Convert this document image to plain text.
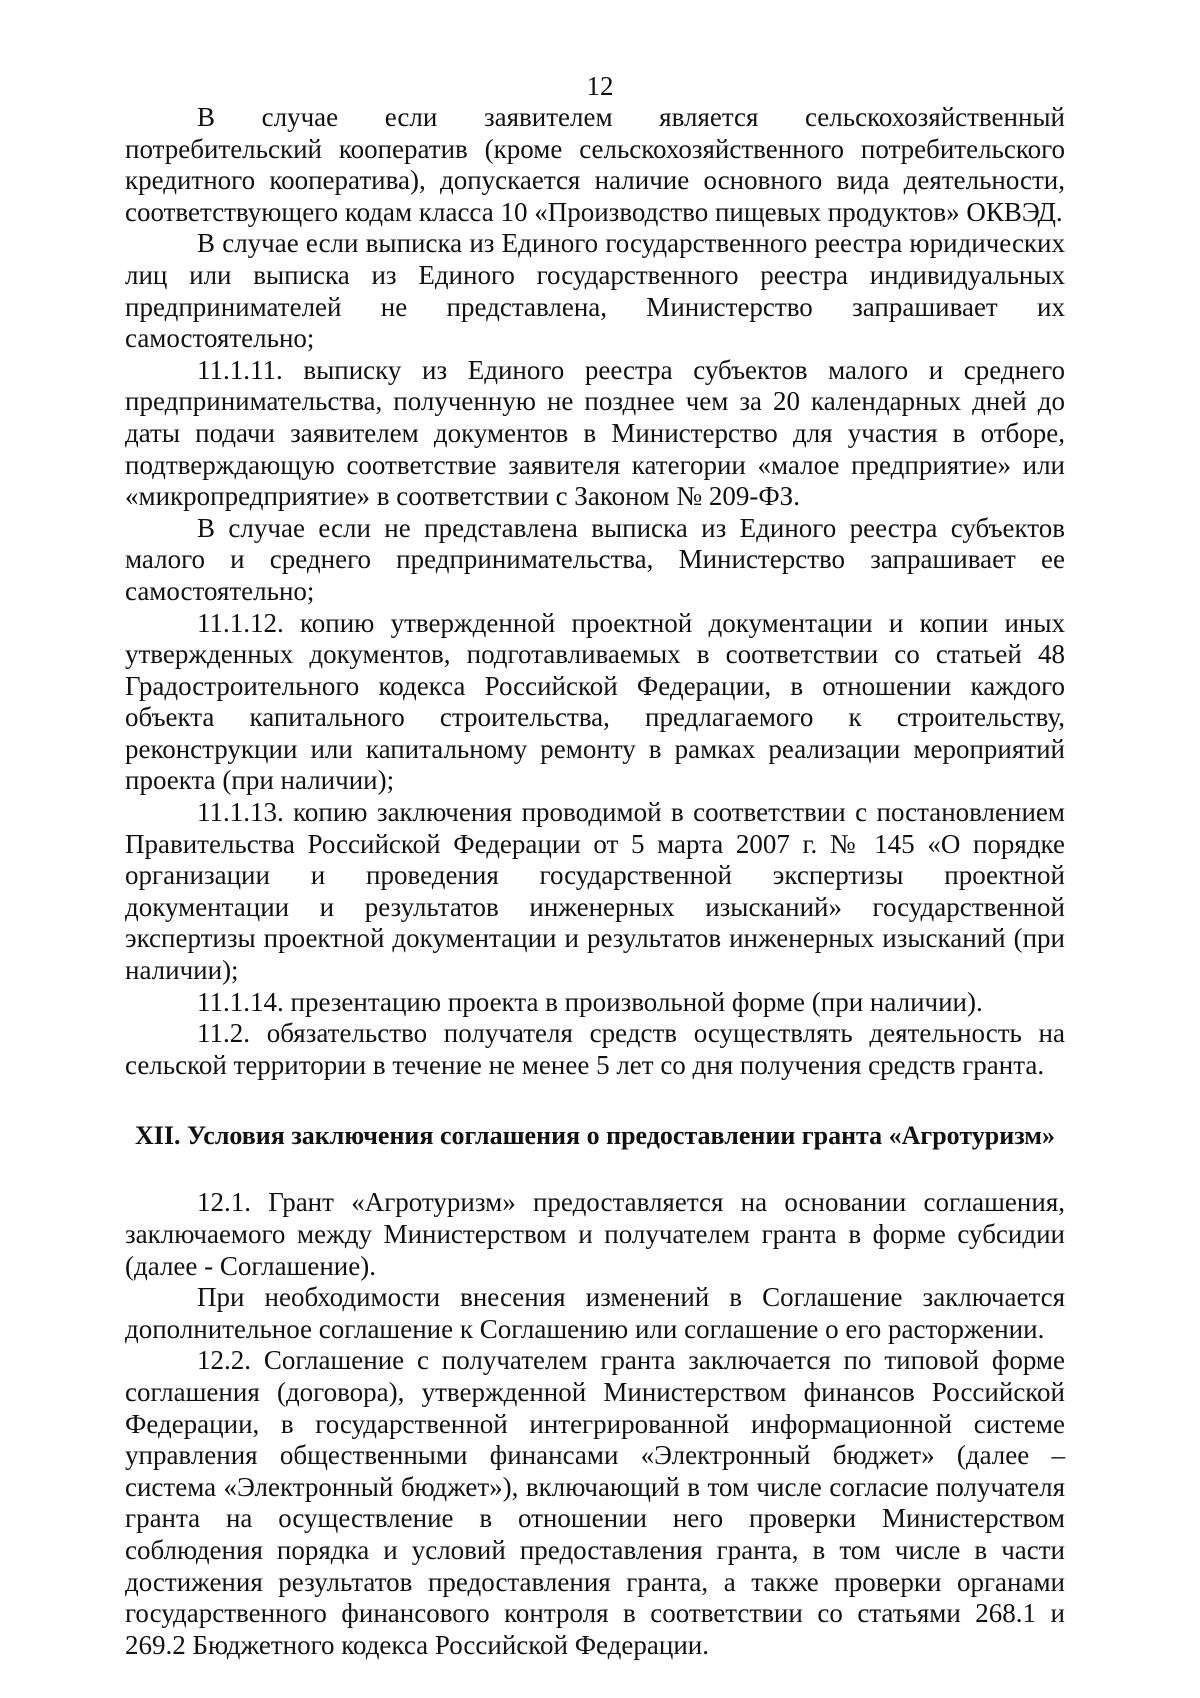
12

В случае если заявителем является сельскохозяйственный потребительский кооператив (кроме сельскохозяйственного потребительского кредитного кооператива), допускается наличие основного вида деятельности, соответствующего кодам класса 10 «Производство пищевых продуктов» ОКВЭД.

В случае если выписка из Единого государственного реестра юридических лиц или выписка из Единого государственного реестра индивидуальных предпринимателей не представлена, Министерство запрашивает их самостоятельно;

11.1.11. выписку из Единого реестра субъектов малого и среднего предпринимательства, полученную не позднее чем за 20 календарных дней до даты подачи заявителем документов в Министерство для участия в отборе, подтверждающую соответствие заявителя категории «малое предприятие» или «микропредприятие» в соответствии с Законом № 209-ФЗ.

В случае если не представлена выписка из Единого реестра субъектов малого и среднего предпринимательства, Министерство запрашивает ее самостоятельно;

11.1.12. копию утвержденной проектной документации и копии иных утвержденных документов, подготавливаемых в соответствии со статьей 48 Градостроительного кодекса Российской Федерации, в отношении каждого объекта капитального строительства, предлагаемого к строительству, реконструкции или капитальному ремонту в рамках реализации мероприятий проекта (при наличии);

11.1.13. копию заключения проводимой в соответствии с постановлением Правительства Российской Федерации от 5 марта 2007 г. № 145 «О порядке организации и проведения государственной экспертизы проектной документации и результатов инженерных изысканий» государственной экспертизы проектной документации и результатов инженерных изысканий (при наличии);

11.1.14. презентацию проекта в произвольной форме (при наличии).

11.2. обязательство получателя средств осуществлять деятельность на сельской территории в течение не менее 5 лет со дня получения средств гранта.

XII. Условия заключения соглашения о предоставлении гранта «Агротуризм»

12.1. Грант «Агротуризм» предоставляется на основании соглашения, заключаемого между Министерством и получателем гранта в форме субсидии (далее - Соглашение).

При необходимости внесения изменений в Соглашение заключается дополнительное соглашение к Соглашению или соглашение о его расторжении.

12.2. Соглашение с получателем гранта заключается по типовой форме соглашения (договора), утвержденной Министерством финансов Российской Федерации, в государственной интегрированной информационной системе управления общественными финансами «Электронный бюджет» (далее – система «Электронный бюджет»), включающий в том числе согласие получателя гранта на осуществление в отношении него проверки Министерством соблюдения порядка и условий предоставления гранта, в том числе в части достижения результатов предоставления гранта, а также проверки органами государственного финансового контроля в соответствии со статьями 268.1 и 269.2 Бюджетного кодекса Российской Федерации.
